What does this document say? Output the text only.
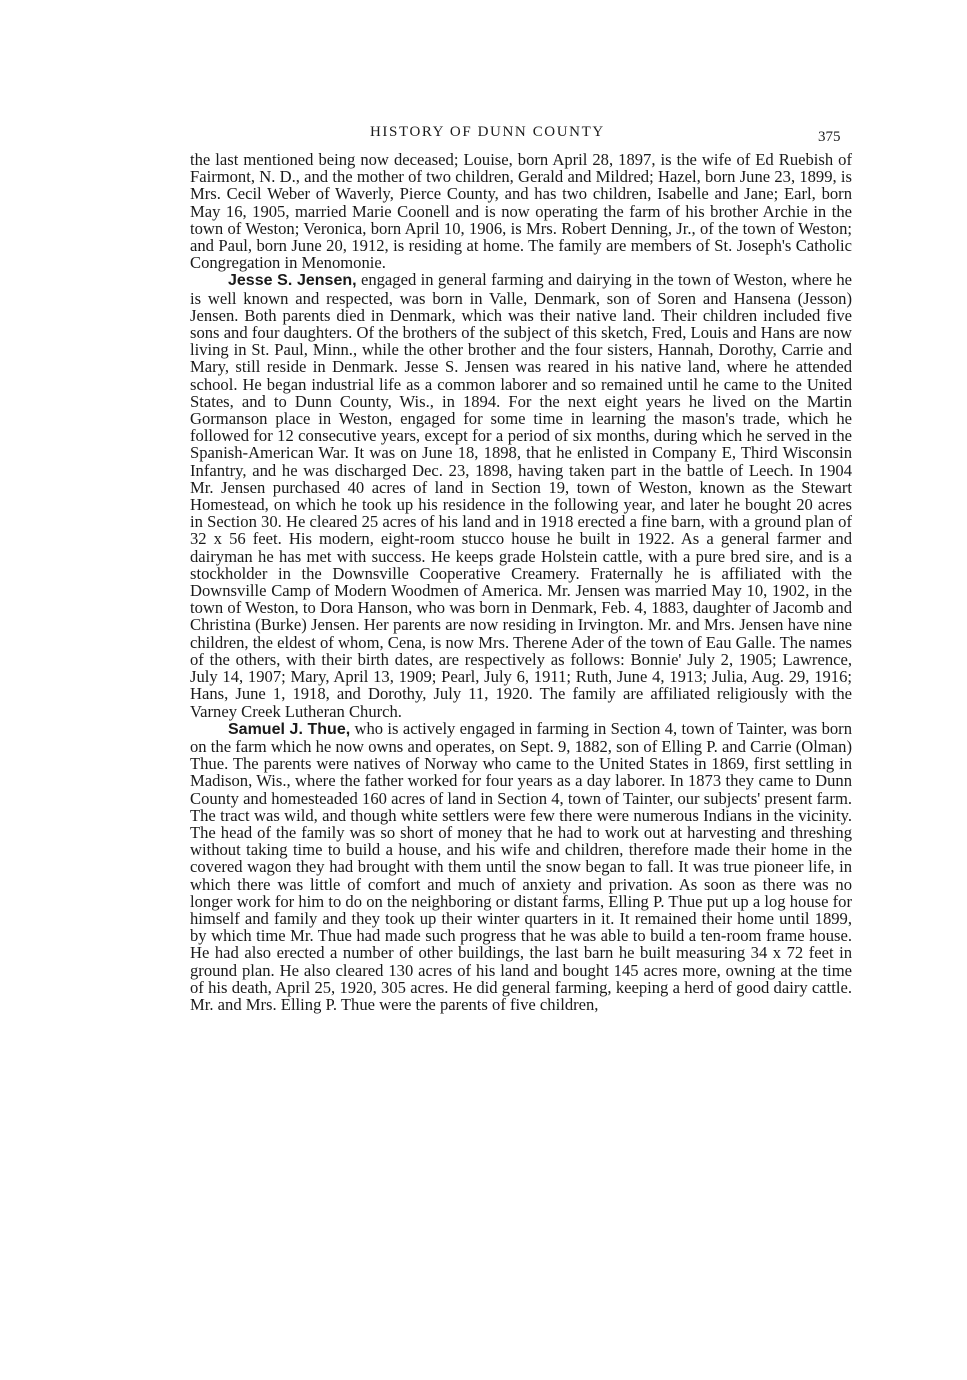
HISTORY OF DUNN COUNTY	375

the last mentioned being now deceased; Louise, born April 28, 1897, is the wife of Ed Ruebish of Fairmont, N. D., and the mother of two children, Gerald and Mildred; Hazel, born June 23, 1899, is Mrs. Cecil Weber of Waverly, Pierce County, and has two children, Isabelle and Jane; Earl, born May 16, 1905, married Marie Coonell and is now operating the farm of his brother Archie in the town of Weston; Veronica, born April 10, 1906, is Mrs. Robert Denning, Jr., of the town of Weston; and Paul, born June 20, 1912, is residing at home. The family are members of St. Joseph's Catholic Congregation in Menomonie.

Jesse S. Jensen, engaged in general farming and dairying in the town of Weston, where he is well known and respected, was born in Valle, Denmark, son of Soren and Hansena (Jesson) Jensen. Both parents died in Denmark, which was their native land. Their children included five sons and four daughters. Of the brothers of the subject of this sketch, Fred, Louis and Hans are now living in St. Paul, Minn., while the other brother and the four sisters, Hannah, Dorothy, Carrie and Mary, still reside in Denmark. Jesse S. Jensen was reared in his native land, where he attended school. He began industrial life as a common laborer and so remained until he came to the United States, and to Dunn County, Wis., in 1894. For the next eight years he lived on the Martin Gormanson place in Weston, engaged for some time in learning the mason's trade, which he followed for 12 consecutive years, except for a period of six months, during which he served in the Spanish-American War. It was on June 18, 1898, that he enlisted in Company E, Third Wisconsin Infantry, and he was discharged Dec. 23, 1898, having taken part in the battle of Leech. In 1904 Mr. Jensen purchased 40 acres of land in Section 19, town of Weston, known as the Stewart Homestead, on which he took up his residence in the following year, and later he bought 20 acres in Section 30. He cleared 25 acres of his land and in 1918 erected a fine barn, with a ground plan of 32 x 56 feet. His modern, eight-room stucco house he built in 1922. As a general farmer and dairyman he has met with success. He keeps grade Holstein cattle, with a pure bred sire, and is a stockholder in the Downsville Cooperative Creamery. Fraternally he is affiliated with the Downsville Camp of Modern Woodmen of America. Mr. Jensen was married May 10, 1902, in the town of Weston, to Dora Hanson, who was born in Denmark, Feb. 4, 1883, daughter of Jacomb and Christina (Burke) Jensen. Her parents are now residing in Irvington. Mr. and Mrs. Jensen have nine children, the eldest of whom, Cena, is now Mrs. Therene Ader of the town of Eau Galle. The names of the others, with their birth dates, are respectively as follows: Bonnie' July 2, 1905; Lawrence, July 14, 1907; Mary, April 13, 1909; Pearl, July 6, 1911; Ruth, June 4, 1913; Julia, Aug. 29, 1916; Hans, June 1, 1918, and Dorothy, July 11, 1920. The family are affiliated religiously with the Varney Creek Lutheran Church.

Samuel J. Thue, who is actively engaged in farming in Section 4, town of Tainter, was born on the farm which he now owns and operates, on Sept. 9, 1882, son of Elling P. and Carrie (Olman) Thue. The parents were natives of Norway who came to the United States in 1869, first settling in Madison, Wis., where the father worked for four years as a day laborer. In 1873 they came to Dunn County and homesteaded 160 acres of land in Section 4, town of Tainter, our subjects' present farm. The tract was wild, and though white settlers were few there were numerous Indians in the vicinity. The head of the family was so short of money that he had to work out at harvesting and threshing without taking time to build a house, and his wife and children, therefore made their home in the covered wagon they had brought with them until the snow began to fall. It was true pioneer life, in which there was little of comfort and much of anxiety and privation. As soon as there was no longer work for him to do on the neighboring or distant farms, Elling P. Thue put up a log house for himself and family and they took up their winter quarters in it. It remained their home until 1899, by which time Mr. Thue had made such progress that he was able to build a ten-room frame house. He had also erected a number of other buildings, the last barn he built measuring 34 x 72 feet in ground plan. He also cleared 130 acres of his land and bought 145 acres more, owning at the time of his death, April 25, 1920, 305 acres. He did general farming, keeping a herd of good dairy cattle. Mr. and Mrs. Elling P. Thue were the parents of five children,
